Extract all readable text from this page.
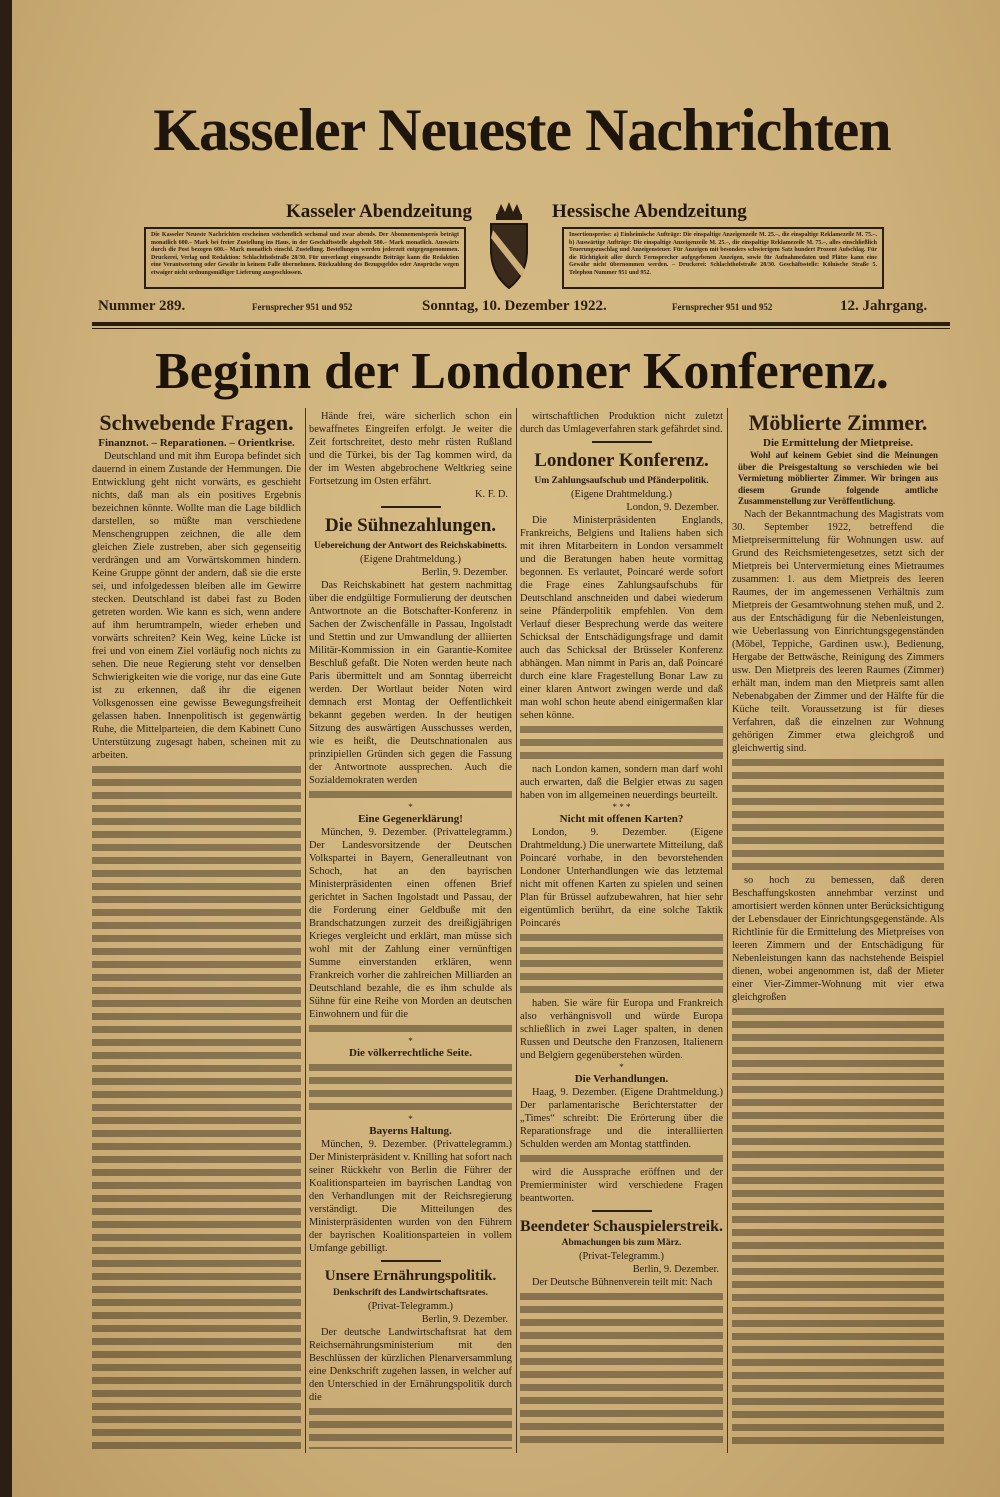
Kasseler Neueste Nachrichten
Kasseler Abendzeitung	Hessische Abendzeitung
Die Kasseler Neueste Nachrichten erscheinen wöchentlich sechsmal und zwar abends. Der Abonnementspreis beträgt monatlich 600.– Mark bei freier Zustellung ins Haus, in der Geschäftsstelle abgeholt 580.– Mark monatlich. Auswärts durch die Post bezogen 600.– Mark monatlich einschl. Zustellung. Bestellungen werden jederzeit entgegengenommen. Druckerei, Verlag und Redaktion: Schlachthofstraße 28/30. Für unverlangt eingesandte Beiträge kann die Redaktion eine Verantwortung oder Gewähr in keinem Falle übernehmen. Rückzahlung des Bezugsgeldes oder Ansprüche wegen etwaiger nicht ordnungsmäßiger Lieferung ausgeschlossen.
Insertionspreise: a) Einheimische Aufträge: Die einspaltige Anzeigenzeile M. 25.–, die einspaltige Reklamezeile M. 75.–. b) Auswärtige Aufträge: Die einspaltige Anzeigenzeile M. 25.–, die einspaltige Reklamezeile M. 75.–, alles einschließlich Teuerungszuschlag und Anzeigensteuer. Für Anzeigen mit besonders schwierigem Satz hundert Prozent Aufschlag. Für die Richtigkeit aller durch Fernsprecher aufgegebenen Anzeigen, sowie für Aufnahmedaten und Plätze kann eine Gewähr nicht übernommen werden. – Druckerei: Schlachthofstraße 28/30. Geschäftsstelle: Kölnische Straße 5. Telephon Nummer 951 und 952.
Nummer 289.	Fernsprecher 951 und 952	Sonntag, 10. Dezember 1922.	Fernsprecher 951 und 952	12. Jahrgang.
Beginn der Londoner Konferenz.
Schwebende Fragen.
Finanznot. – Reparationen. – Orientkrise.

Deutschland und mit ihm Europa befindet sich dauernd in einem Zustande der Hemmungen. Die Entwicklung geht nicht vorwärts, es geschieht nichts, daß man als ein positives Ergebnis bezeichnen könnte. Wollte man die Lage bildlich darstellen, so müßte man verschiedene Menschengruppen zeichnen, die alle dem gleichen Ziele zustreben, aber sich gegenseitig verdrängen und am Vorwärtskommen hindern. Keine Gruppe gönnt der andern, daß sie die erste sei, und infolgedessen bleiben alle im Gewirre stecken. Deutschland ist dabei fast zu Boden getreten worden. Wie kann es sich, wenn andere auf ihm herumtrampeln, wieder erheben und vorwärts schreiten? Kein Weg, keine Lücke ist frei und von einem Ziel vorläufig noch nichts zu sehen. Die neue Regierung steht vor denselben Schwierigkeiten wie die vorige, nur das eine Gute ist zu erkennen, daß ihr die eigenen Volksgenossen eine gewisse Bewegungsfreiheit gelassen haben. Innenpolitisch ist gegenwärtig Ruhe, die Mittelparteien, die dem Kabinett Cuno Unterstützung zugesagt haben, scheinen mit zu arbeiten.

Hände frei, wäre sicherlich schon ein bewaffnetes Eingreifen erfolgt. Je weiter die Zeit fortschreitet, desto mehr rüsten Rußland und die Türkei, bis der Tag kommen wird, da der im Westen abgebrochene Weltkrieg seine Fortsetzung im Osten erfährt.

K. F. D.
Die Sühnezahlungen.
Uebereichung der Antwort des Reichskabinetts.
(Eigene Drahtmeldung.)
Berlin, 9. Dezember.

Das Reichskabinett hat gestern nachmittag über die endgültige Formulierung der deutschen Antwortnote an die Botschafter-Konferenz in Sachen der Zwischenfälle in Passau, Ingolstadt und Stettin und zur Umwandlung der alliierten Militär-Kommission in ein Garantie-Komitee Beschluß gefaßt. Die Noten werden heute nach Paris übermittelt und am Sonntag überreicht werden. Der Wortlaut beider Noten wird demnach erst Montag der Oeffentlichkeit bekannt gegeben werden. In der heutigen Sitzung des auswärtigen Ausschusses werden, wie es heißt, die Deutschnationalen aus prinzipiellen Gründen sich gegen die Fassung der Antwortnote aussprechen. Auch die Sozialdemokraten werden

*
Eine Gegenerklärung!

München, 9. Dezember. (Privattelegramm.) Der Landesvorsitzende der Deutschen Volkspartei in Bayern, Generalleutnant von Schoch, hat an den bayrischen Ministerpräsidenten einen offenen Brief gerichtet in Sachen Ingolstadt und Passau, der die Forderung einer Geldbuße mit den Brandschatzungen zurzeit des dreißigjährigen Krieges vergleicht und erklärt, man müsse sich wohl mit der Zahlung einer vernünftigen Summe einverstanden erklären, wenn Frankreich vorher die zahlreichen Milliarden an Deutschland bezahle, die es ihm schulde als Sühne für eine Reihe von Morden an deutschen Einwohnern und für die

*
Die völkerrechtliche Seite.
*
Bayerns Haltung.

München, 9. Dezember. (Privattelegramm.) Der Ministerpräsident v. Knilling hat sofort nach seiner Rückkehr von Berlin die Führer der Koalitionsparteien im bayrischen Landtag von den Verhandlungen mit der Reichsregierung verständigt. Die Mitteilungen des Ministerpräsidenten wurden von den Führern der bayrischen Koalitionsparteien in vollem Umfange gebilligt.

Unsere Ernährungspolitik.
Denkschrift des Landwirtschaftsrates.
(Privat-Telegramm.)
Berlin, 9. Dezember.

Der deutsche Landwirtschaftsrat hat dem Reichsernährungsministerium mit den Beschlüssen der kürzlichen Plenarversammlung eine Denkschrift zugehen lassen, in welcher auf den Unterschied in der Ernährungspolitik durch die

wirtschaftlichen Produktion nicht zuletzt durch das Umlageverfahren stark gefährdet sind.

Londoner Konferenz.
Um Zahlungsaufschub und Pfänderpolitik.
(Eigene Drahtmeldung.)
London, 9. Dezember.

Die Ministerpräsidenten Englands, Frankreichs, Belgiens und Italiens haben sich mit ihren Mitarbeitern in London versammelt und die Beratungen haben heute vormittag begonnen. Es verlautet, Poincaré werde sofort die Frage eines Zahlungsaufschubs für Deutschland anschneiden und dabei wiederum seine Pfänderpolitik empfehlen. Von dem Verlauf dieser Besprechung werde das weitere Schicksal der Entschädigungsfrage und damit auch das Schicksal der Brüsseler Konferenz abhängen. Man nimmt in Paris an, daß Poincaré durch eine klare Fragestellung Bonar Law zu einer klaren Antwort zwingen werde und daß man wohl schon heute abend einigermaßen klar sehen könne.

nach London kamen, sondern man darf wohl auch erwarten, daß die Belgier etwas zu sagen haben von im allgemeinen neuerdings beurteilt.

* * *
Nicht mit offenen Karten?

London, 9. Dezember. (Eigene Drahtmeldung.) Die unerwartete Mitteilung, daß Poincaré vorhabe, in den bevorstehenden Londoner Unterhandlungen wie das letztemal nicht mit offenen Karten zu spielen und seinen Plan für Brüssel aufzubewahren, hat hier sehr eigentümlich berührt, da eine solche Taktik Poincarés

haben. Sie wäre für Europa und Frankreich also verhängnisvoll und würde Europa schließlich in zwei Lager spalten, in denen Russen und Deutsche den Franzosen, Italienern und Belgiern gegenüberstehen würden.

*
Die Verhandlungen.

Haag, 9. Dezember. (Eigene Drahtmeldung.) Der parlamentarische Berichterstatter der „Times“ schreibt: Die Erörterung über die Reparationsfrage und die interalliierten Schulden werden am Montag stattfinden.

wird die Aussprache eröffnen und der Premierminister wird verschiedene Fragen beantworten.

Beendeter Schauspielerstreik.
Abmachungen bis zum März.
(Privat-Telegramm.)
Berlin, 9. Dezember.

Der Deutsche Bühnenverein teilt mit: Nach

Möblierte Zimmer.
Die Ermittelung der Mietpreise.

Wohl auf keinem Gebiet sind die Meinungen über die Preisgestaltung so verschieden wie bei Vermietung möblierter Zimmer. Wir bringen aus diesem Grunde folgende amtliche Zusammenstellung zur Veröffentlichung.

Nach der Bekanntmachung des Magistrats vom 30. September 1922, betreffend die Mietpreisermittelung für Wohnungen usw. auf Grund des Reichsmietengesetzes, setzt sich der Mietpreis bei Untervermietung eines Mietraumes zusammen: 1. aus dem Mietpreis des leeren Raumes, der im angemessenen Verhältnis zum Mietpreis der Gesamtwohnung stehen muß, und 2. aus der Entschädigung für die Nebenleistungen, wie Ueberlassung von Einrichtungsgegenständen (Möbel, Teppiche, Gardinen usw.), Bedienung, Hergabe der Bettwäsche, Reinigung des Zimmers usw. Den Mietpreis des leeren Raumes (Zimmer) erhält man, indem man den Mietpreis samt allen Nebenabgaben der Zimmer und der Hälfte für die Küche teilt. Voraussetzung ist für dieses Verfahren, daß die einzelnen zur Wohnung gehörigen Zimmer etwa gleichgroß und gleichwertig sind.

so hoch zu bemessen, daß deren Beschaffungskosten annehmbar verzinst und amortisiert werden können unter Berücksichtigung der Lebensdauer der Einrichtungsgegenstände. Als Richtlinie für die Ermittelung des Mietpreises von leeren Zimmern und der Entschädigung für Nebenleistungen kann das nachstehende Beispiel dienen, wobei angenommen ist, daß der Mieter einer Vier-Zimmer-Wohnung mit vier etwa gleichgroßen
